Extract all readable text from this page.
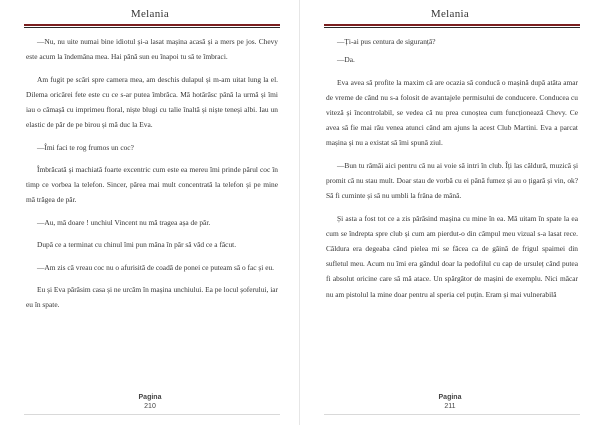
Melania

—Nu, nu uite numai bine idiotul și-a lasat mașina acasă și a mers pe jos. Chevy este acum la îndemâna mea. Hai până sun eu înapoi tu să te îmbraci.

Am fugit pe scări spre camera mea, am deschis dulapul și m-am uitat lung la el. Dilema oricărei fete este cu ce s-ar putea îmbrăca. Mă hotărăsc până la urmă și îmi iau o cămașă cu imprimeu floral, niște blugi cu talie înaltă și niște teneși albi. Iau un elastic de păr de pe birou și mă duc la Eva.

—Îmi faci te rog frumos un coc?

Îmbrăcată și machiată foarte excentric cum este ea mereu îmi prinde părul coc în timp ce vorbea la telefon. Sincer, părea mai mult concentrată la telefon și pe mine mă trăgea de păr.

—Au, mă doare ! unchiul Vincent nu mă tragea așa de păr.

După ce a terminat cu chinul îmi pun mâna în păr să văd ce a făcut.

—Am zis că vreau coc nu o afurisită de coadă de ponei ce puteam să o fac și eu.

Eu și Eva părăsim casa și ne urcăm în mașina unchiului. Ea pe locul șoferului, iar eu în spate.

Pagina
210
Melania

—Ți-ai pus centura de siguranță?

—Da.

Eva avea să profite la maxim că are ocazia să conducă o mașină după atâta amar de vreme de când nu s-a folosit de avantajele permisului de conducere. Conducea cu viteză și încontrolabil, se vedea că nu prea cunoștea cum funcționează Chevy. Ce avea să fie mai rău venea atunci când am ajuns la acest Club Martini. Eva a parcat mașina și nu a existat să îmi spună ziul.

—Bun tu rămâi aici pentru că nu ai voie să intri în club. Îți las căldură, muzică și promit că nu stau mult. Doar stau de vorbă cu ei până fumez și au o țigară și vin, ok? Să fi cuminte și să nu umbli la frâna de mână.

Și asta a fost tot ce a zis părăsind mașina cu mine în ea. Mă uitam în spate la ea cum se îndrepta spre club și cum am pierdut-o din câmpul meu vizual s-a lasat rece. Căldura era degeaba când pielea mi se făcea ca de găină de frigul spaimei din sufletul meu. Acum nu îmi era gândul doar la pedofilul cu cap de ursuleț când putea fi absolut oricine care să mă atace. Un spărgător de mașini de exemplu. Nici măcar nu am pistolul la mine doar pentru al speria cel puțin. Eram și mai vulnerabilă

Pagina
211
